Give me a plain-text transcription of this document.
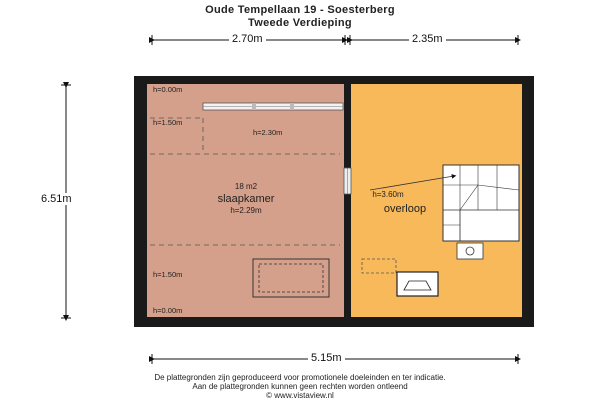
Oude Tempellaan 19 - Soesterberg
Tweede Verdieping
h=0.00m
h=1.50m
h=2.30m
h=1.50m
h=0.00m
18 m2
slaapkamer
h=2.29m
h=3.60m
overloop
2.70m	2.35m
6.51m
5.15m
De plattegronden zijn geproduceerd voor promotionele doeleinden en ter indicatie.
Aan de plattegronden kunnen geen rechten worden ontleend
© www.vistaview.nl
